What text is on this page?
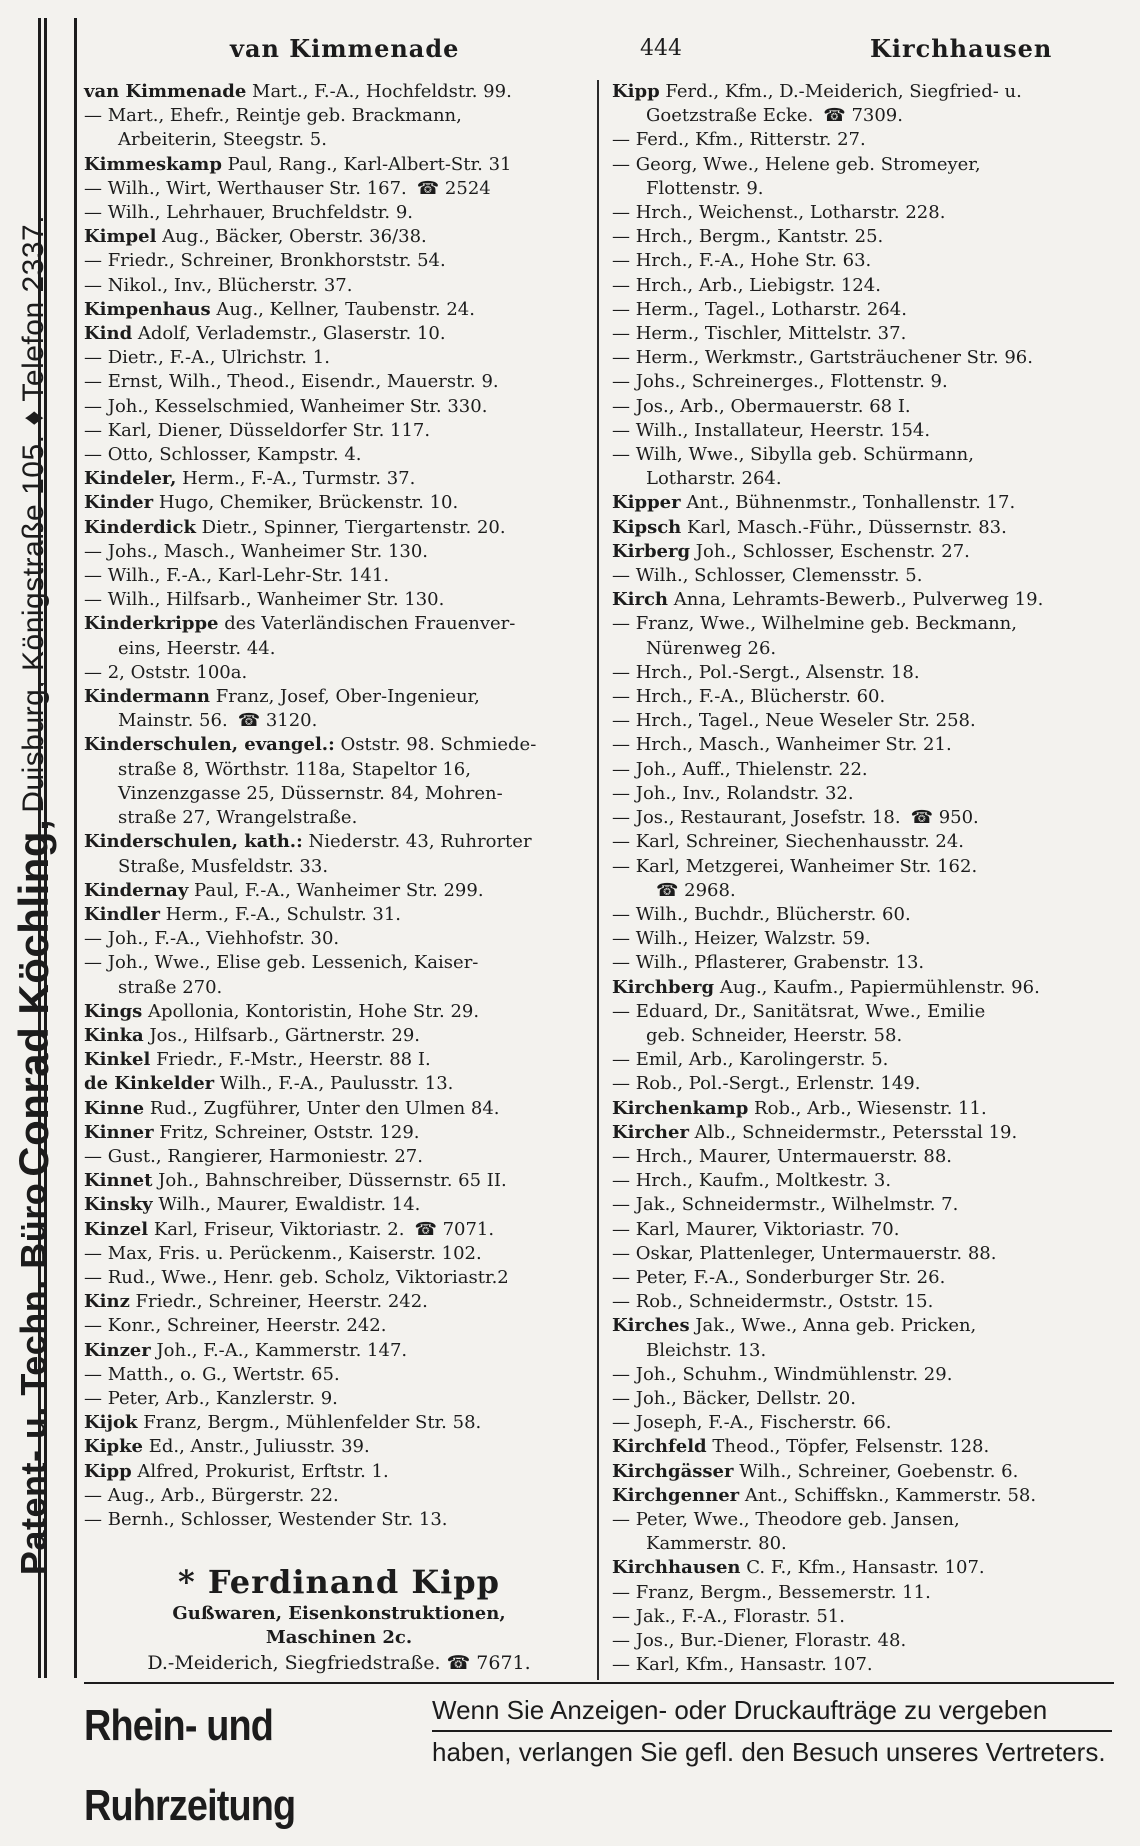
Patent- u. Techn. Büro
Conrad Köchling,
Duisburg, Königstraße 105. ♦ Telefon 2337.
van Kimmenade	444	Kirchhausen
van Kimmenade Mart., F.-A., Hochfeldstr. 99.
— Mart., Ehefr., Reintje geb. Brackmann,
Arbeiterin, Steegstr. 5.
Kimmeskamp Paul, Rang., Karl-Albert-Str. 31
— Wilh., Wirt, Werthauser Str. 167. ☎ 2524
— Wilh., Lehrhauer, Bruchfeldstr. 9.
Kimpel Aug., Bäcker, Oberstr. 36/38.
— Friedr., Schreiner, Bronkhorststr. 54.
— Nikol., Inv., Blücherstr. 37.
Kimpenhaus Aug., Kellner, Taubenstr. 24.
Kind Adolf, Verlademstr., Glaserstr. 10.
— Dietr., F.-A., Ulrichstr. 1.
— Ernst, Wilh., Theod., Eisendr., Mauerstr. 9.
— Joh., Kesselschmied, Wanheimer Str. 330.
— Karl, Diener, Düsseldorfer Str. 117.
— Otto, Schlosser, Kampstr. 4.
Kindeler, Herm., F.-A., Turmstr. 37.
Kinder Hugo, Chemiker, Brückenstr. 10.
Kinderdick Dietr., Spinner, Tiergartenstr. 20.
— Johs., Masch., Wanheimer Str. 130.
— Wilh., F.-A., Karl-Lehr-Str. 141.
— Wilh., Hilfsarb., Wanheimer Str. 130.
Kinderkrippe des Vaterländischen Frauenver-
eins, Heerstr. 44.
— 2, Oststr. 100a.
Kindermann Franz, Josef, Ober-Ingenieur,
Mainstr. 56. ☎ 3120.
Kinderschulen, evangel.: Oststr. 98. Schmiede-
straße 8, Wörthstr. 118a, Stapeltor 16,
Vinzenzgasse 25, Düssernstr. 84, Mohren-
straße 27, Wrangelstraße.
Kinderschulen, kath.: Niederstr. 43, Ruhrorter
Straße, Musfeldstr. 33.
Kindernay Paul, F.-A., Wanheimer Str. 299.
Kindler Herm., F.-A., Schulstr. 31.
— Joh., F.-A., Viehhofstr. 30.
— Joh., Wwe., Elise geb. Lessenich, Kaiser-
straße 270.
Kings Apollonia, Kontoristin, Hohe Str. 29.
Kinka Jos., Hilfsarb., Gärtnerstr. 29.
Kinkel Friedr., F.-Mstr., Heerstr. 88 I.
de Kinkelder Wilh., F.-A., Paulusstr. 13.
Kinne Rud., Zugführer, Unter den Ulmen 84.
Kinner Fritz, Schreiner, Oststr. 129.
— Gust., Rangierer, Harmoniestr. 27.
Kinnet Joh., Bahnschreiber, Düssernstr. 65 II.
Kinsky Wilh., Maurer, Ewaldistr. 14.
Kinzel Karl, Friseur, Viktoriastr. 2. ☎ 7071.
— Max, Fris. u. Perückenm., Kaiserstr. 102.
— Rud., Wwe., Henr. geb. Scholz, Viktoriastr.2
Kinz Friedr., Schreiner, Heerstr. 242.
— Konr., Schreiner, Heerstr. 242.
Kinzer Joh., F.-A., Kammerstr. 147.
— Matth., o. G., Wertstr. 65.
— Peter, Arb., Kanzlerstr. 9.
Kijok Franz, Bergm., Mühlenfelder Str. 58.
Kipke Ed., Anstr., Juliusstr. 39.
Kipp Alfred, Prokurist, Erftstr. 1.
— Aug., Arb., Bürgerstr. 22.
— Bernh., Schlosser, Westender Str. 13.
Kipp Ferd., Kfm., D.-Meiderich, Siegfried- u.
Goetzstraße Ecke. ☎ 7309.
— Ferd., Kfm., Ritterstr. 27.
— Georg, Wwe., Helene geb. Stromeyer,
Flottenstr. 9.
— Hrch., Weichenst., Lotharstr. 228.
— Hrch., Bergm., Kantstr. 25.
— Hrch., F.-A., Hohe Str. 63.
— Hrch., Arb., Liebigstr. 124.
— Herm., Tagel., Lotharstr. 264.
— Herm., Tischler, Mittelstr. 37.
— Herm., Werkmstr., Gartsträuchener Str. 96.
— Johs., Schreinerges., Flottenstr. 9.
— Jos., Arb., Obermauerstr. 68 I.
— Wilh., Installateur, Heerstr. 154.
— Wilh, Wwe., Sibylla geb. Schürmann,
Lotharstr. 264.
Kipper Ant., Bühnenmstr., Tonhallenstr. 17.
Kipsch Karl, Masch.-Führ., Düssernstr. 83.
Kirberg Joh., Schlosser, Eschenstr. 27.
— Wilh., Schlosser, Clemensstr. 5.
Kirch Anna, Lehramts-Bewerb., Pulverweg 19.
— Franz, Wwe., Wilhelmine geb. Beckmann,
Nürenweg 26.
— Hrch., Pol.-Sergt., Alsenstr. 18.
— Hrch., F.-A., Blücherstr. 60.
— Hrch., Tagel., Neue Weseler Str. 258.
— Hrch., Masch., Wanheimer Str. 21.
— Joh., Auff., Thielenstr. 22.
— Joh., Inv., Rolandstr. 32.
— Jos., Restaurant, Josefstr. 18. ☎ 950.
— Karl, Schreiner, Siechenhausstr. 24.
— Karl, Metzgerei, Wanheimer Str. 162.
☎ 2968.
— Wilh., Buchdr., Blücherstr. 60.
— Wilh., Heizer, Walzstr. 59.
— Wilh., Pflasterer, Grabenstr. 13.
Kirchberg Aug., Kaufm., Papiermühlenstr. 96.
— Eduard, Dr., Sanitätsrat, Wwe., Emilie
geb. Schneider, Heerstr. 58.
— Emil, Arb., Karolingerstr. 5.
— Rob., Pol.-Sergt., Erlenstr. 149.
Kirchenkamp Rob., Arb., Wiesenstr. 11.
Kircher Alb., Schneidermstr., Petersstal 19.
— Hrch., Maurer, Untermauerstr. 88.
— Hrch., Kaufm., Moltkestr. 3.
— Jak., Schneidermstr., Wilhelmstr. 7.
— Karl, Maurer, Viktoriastr. 70.
— Oskar, Plattenleger, Untermauerstr. 88.
— Peter, F.-A., Sonderburger Str. 26.
— Rob., Schneidermstr., Oststr. 15.
Kirches Jak., Wwe., Anna geb. Pricken,
Bleichstr. 13.
— Joh., Schuhm., Windmühlenstr. 29.
— Joh., Bäcker, Dellstr. 20.
— Joseph, F.-A., Fischerstr. 66.
Kirchfeld Theod., Töpfer, Felsenstr. 128.
Kirchgässer Wilh., Schreiner, Goebenstr. 6.
Kirchgenner Ant., Schiffskn., Kammerstr. 58.
— Peter, Wwe., Theodore geb. Jansen,
Kammerstr. 80.
Kirchhausen C. F., Kfm., Hansastr. 107.
— Franz, Bergm., Bessemerstr. 11.
— Jak., F.-A., Florastr. 51.
— Jos., Bur.-Diener, Florastr. 48.
— Karl, Kfm., Hansastr. 107.
* Ferdinand Kipp
Gußwaren, Eisenkonstruktionen,
Maschinen 2c.
D.-Meiderich, Siegfriedstraße. ☎ 7671.
Rhein- und Ruhrzeitung
Wenn Sie Anzeigen- oder Druckaufträge zu vergeben
haben, verlangen Sie gefl. den Besuch unseres Vertreters.
